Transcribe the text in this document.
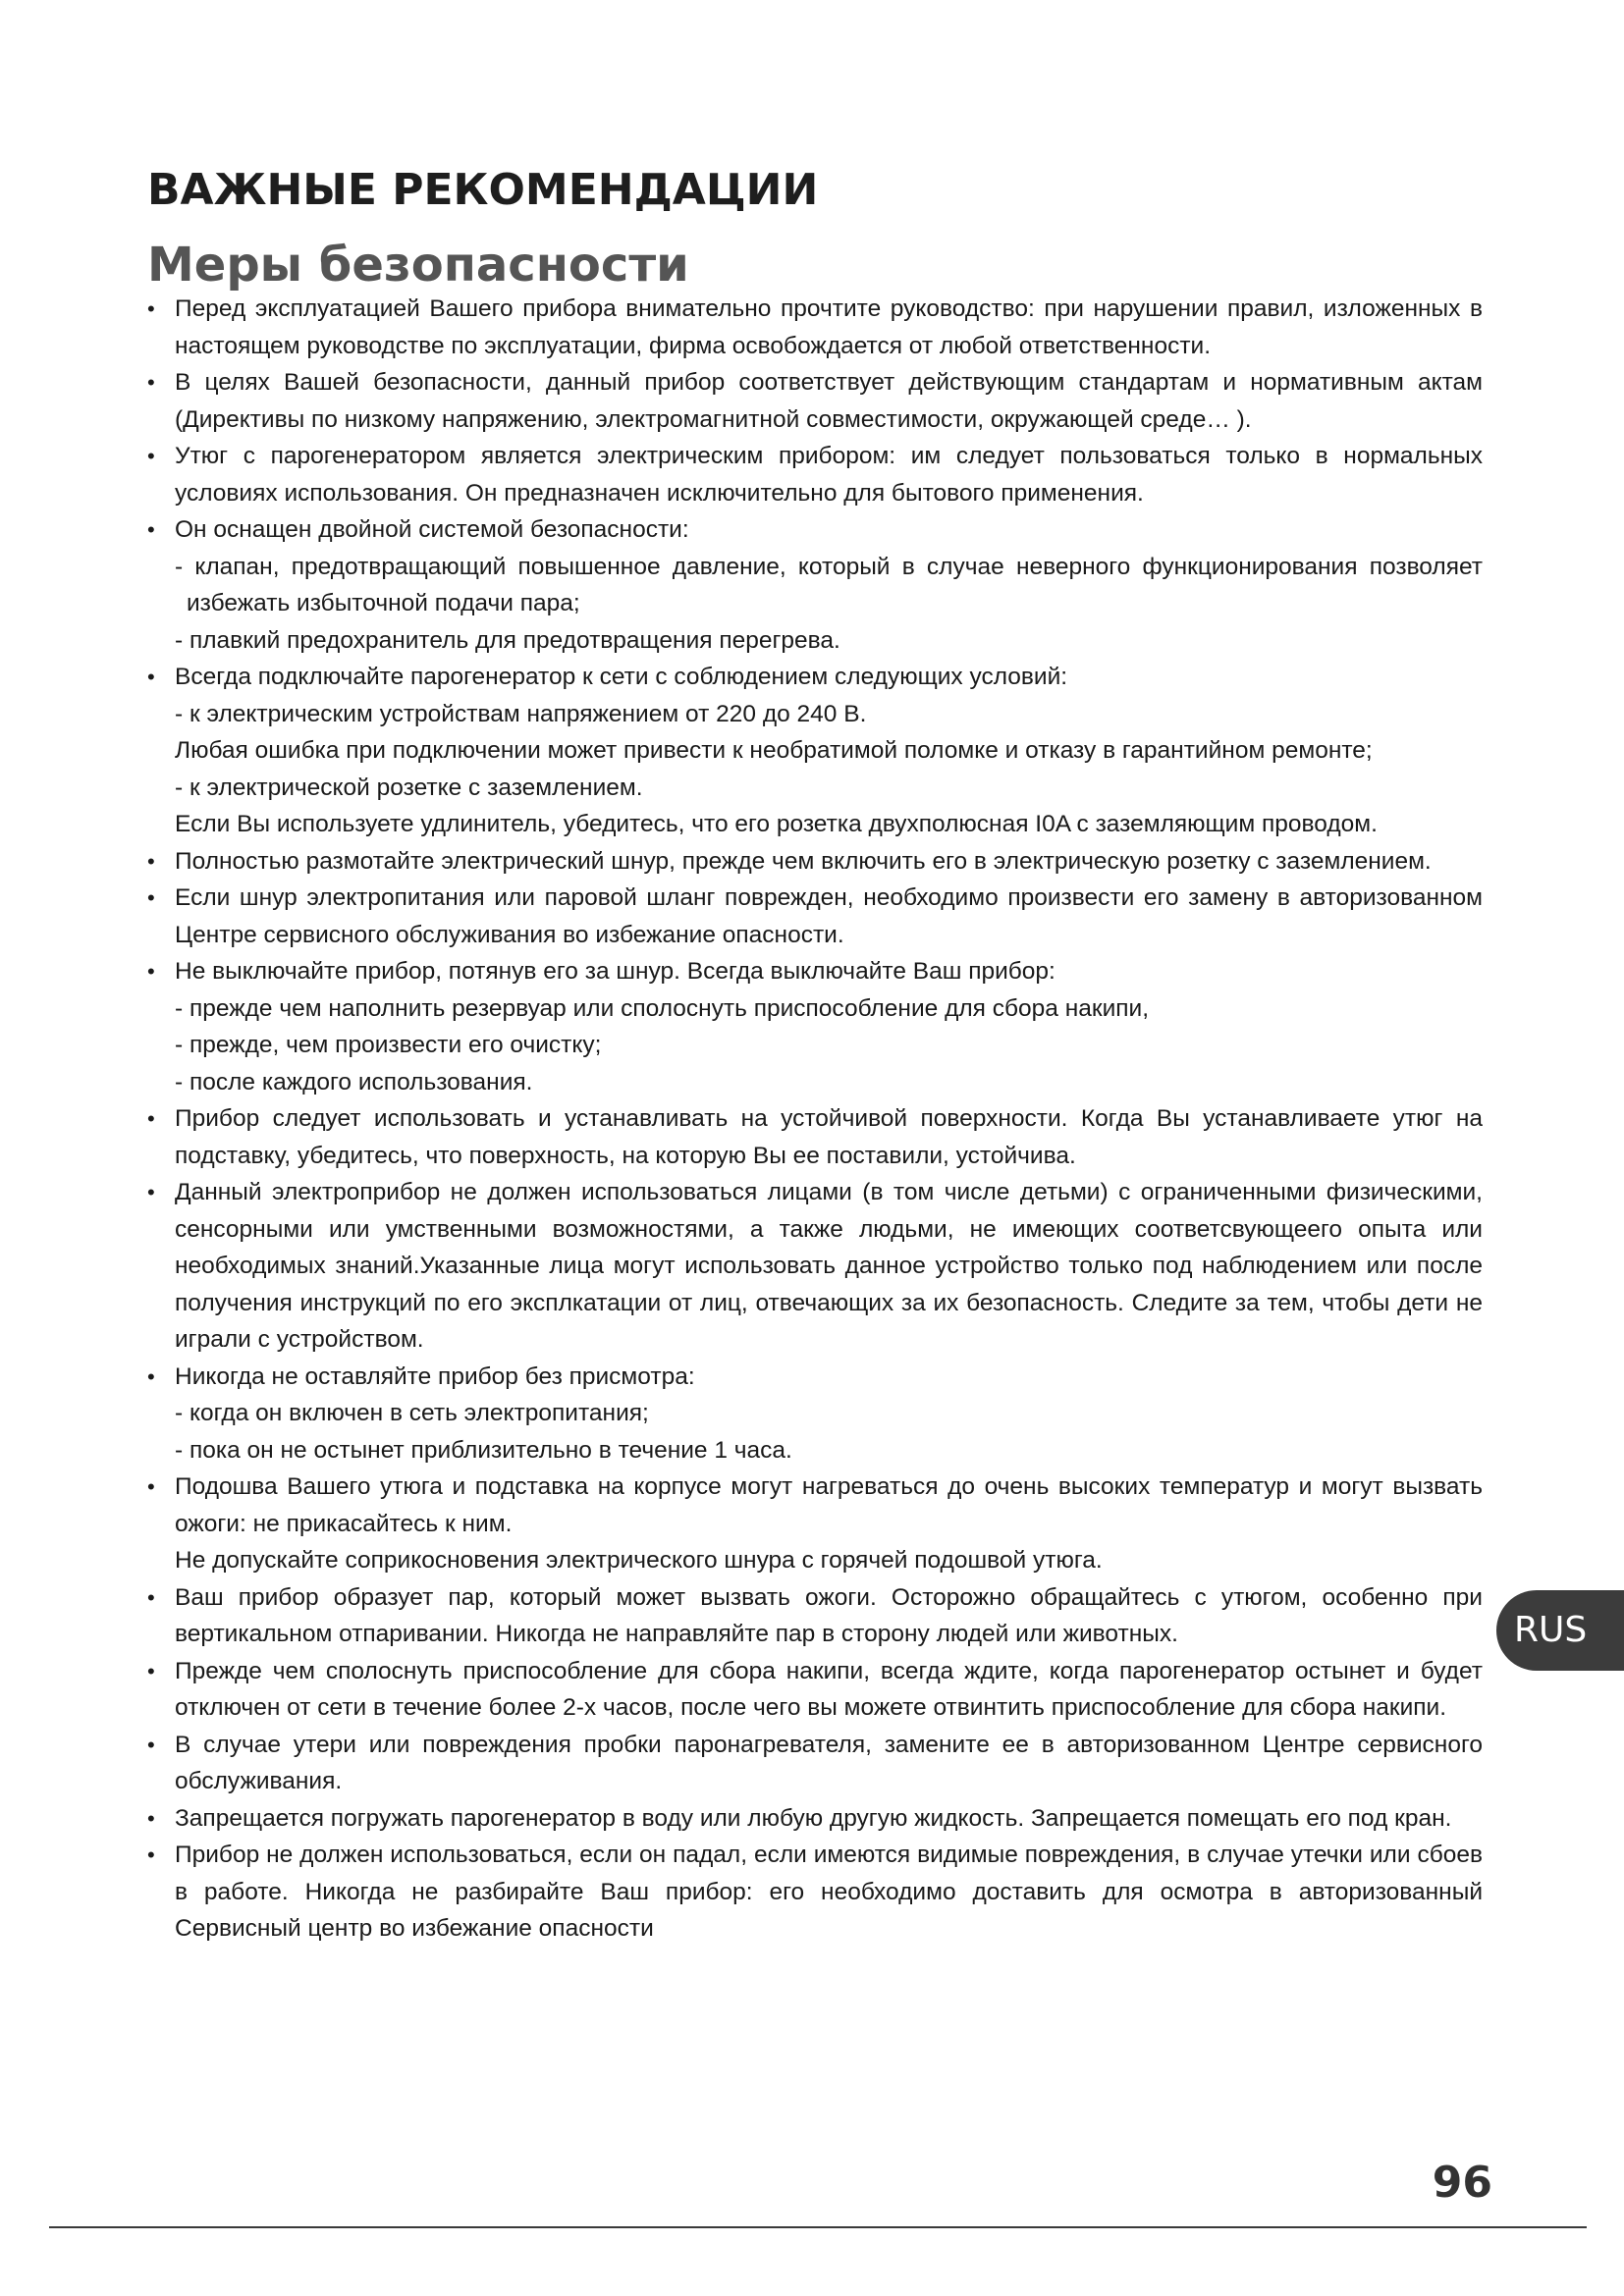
ВАЖНЫЕ РЕКОМЕНДАЦИИ
Меры безопасности
• Перед эксплуатацией Вашего прибора внимательно прочтите руководство: при нарушении правил, изложенных в настоящем руководстве по эксплуатации, фирма освобождается от любой ответственности.

• В целях Вашей безопасности, данный прибор соответствует действующим стандартам и нормативным актам (Директивы по низкому напряжению, электромагнитной совместимости, окружающей среде… ).

• Утюг с парогенератором является электрическим прибором: им следует пользоваться только в нормальных условиях использования. Он предназначен исключительно для бытового применения.

• Он оснащен двойной системой безопасности:

- клапан, предотвращающий повышенное давление, который в случае неверного функционирования позволяет избежать избыточной подачи пара;

- плавкий предохранитель для предотвращения перегрева.

• Всегда подключайте парогенератор к сети с соблюдением следующих условий:

- к электрическим устройствам напряжением от 220 до 240 В.

Любая ошибка при подключении может привести к необратимой поломке и отказу в гарантийном ремонте;

- к электрической розетке с заземлением.

Если Вы используете удлинитель, убедитесь, что его розетка двухполюсная I0A с заземляющим проводом.

• Полностью размотайте электрический шнур, прежде чем включить его в электрическую розетку с заземлением.

• Если шнур электропитания или паровой шланг поврежден, необходимо произвести его замену в авторизованном Центре сервисного обслуживания во избежание опасности.

• Не выключайте прибор, потянув его за шнур. Всегда выключайте Ваш прибор:

- прежде чем наполнить резервуар или сполоснуть приспособление для сбора накипи,

- прежде, чем произвести его очистку;

- после каждого использования.

• Прибор следует использовать и устанавливать на устойчивой поверхности. Когда Вы устанавливаете утюг на подставку, убедитесь, что поверхность, на которую Вы ее поставили, устойчива.

• Данный электроприбор не должен использоваться лицами (в том числе детьми) с ограниченными физическими, сенсорными или умственными возможностями, а также людьми, не имеющих соответсвующеего опыта или необходимых знаний.Указанные лица могут использовать данное устройство только под наблюдением или после получения инструкций по его эксплкатации от лиц, отвечающих за их безопасность. Следите за тем, чтобы дети не играли с устройством.

• Никогда не оставляйте прибор без присмотра:

- когда он включен в сеть электропитания;

- пока он не остынет приблизительно в течение 1 часа.

• Подошва Вашего утюга и подставка на корпусе могут нагреваться до очень высоких температур и могут вызвать ожоги: не прикасайтесь к ним.

Не допускайте соприкосновения электрического шнура с горячей подошвой утюга.

• Ваш прибор образует пар, который может вызвать ожоги. Осторожно обращайтесь с утюгом, особенно при вертикальном отпаривании. Никогда не направляйте пар в сторону людей или животных.

• Прежде чем сполоснуть приспособление для сбора накипи, всегда ждите, когда парогенератор остынет и будет отключен от сети в течение более 2-х часов, после чего вы можете отвинтить приспособление для сбора накипи.

• В случае утери или повреждения пробки паронагревателя, замените ее в авторизованном Центре сервисного обслуживания.

• Запрещается погружать парогенератор в воду или любую другую жидкость. Запрещается помещать его под кран.

• Прибор не должен использоваться, если он падал, если имеются видимые повреждения, в случае утечки или сбоев в работе. Никогда не разбирайте Ваш прибор: его необходимо доставить для осмотра в авторизованный Сервисный центр во избежание опасности

RUS
96
